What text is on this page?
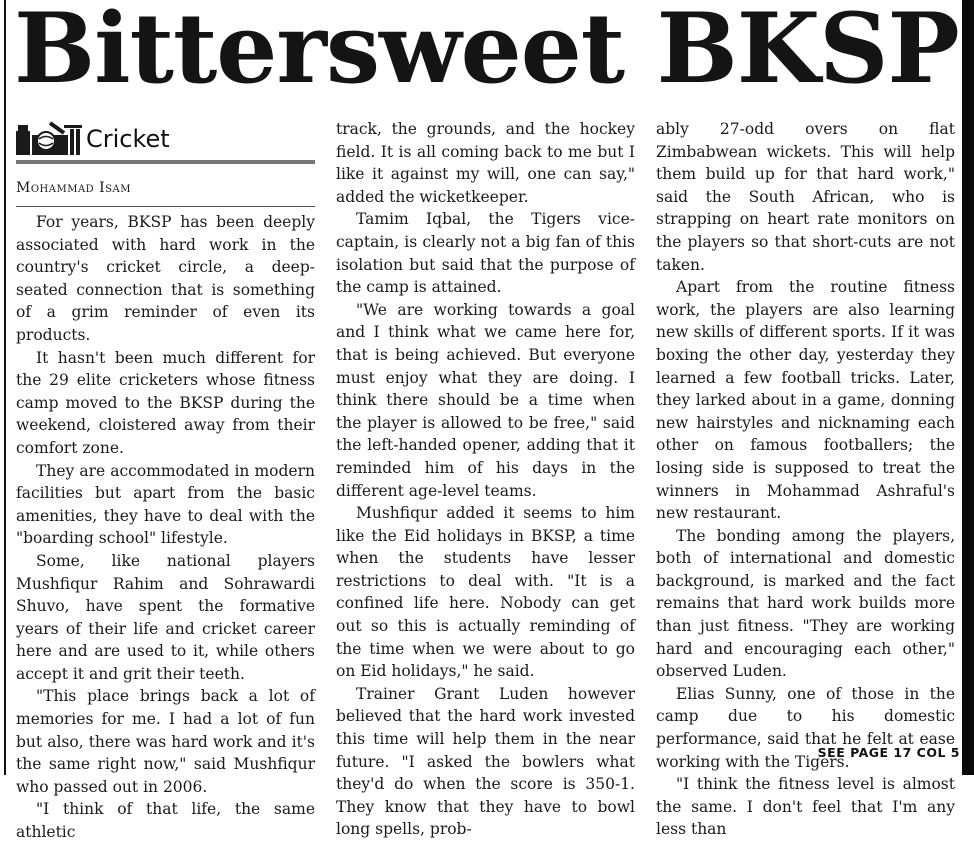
Bittersweet BKSP
Cricket
Mohammad Isam

For years, BKSP has been deeply associated with hard work in the country's cricket circle, a deep-seated connection that is something of a grim reminder of even its products.

It hasn't been much different for the 29 elite cricketers whose fitness camp moved to the BKSP during the weekend, cloistered away from their comfort zone.

They are accommodated in modern facilities but apart from the basic amenities, they have to deal with the "boarding school" lifestyle.

Some, like national players Mushfiqur Rahim and Sohrawardi Shuvo, have spent the formative years of their life and cricket career here and are used to it, while others accept it and grit their teeth.

"This place brings back a lot of memories for me. I had a lot of fun but also, there was hard work and it's the same right now," said Mushfiqur who passed out in 2006.

"I think of that life, the same athletic

track, the grounds, and the hockey field. It is all coming back to me but I like it against my will, one can say," added the wicketkeeper.

Tamim Iqbal, the Tigers vice-captain, is clearly not a big fan of this isolation but said that the purpose of the camp is attained.

"We are working towards a goal and I think what we came here for, that is being achieved. But everyone must enjoy what they are doing. I think there should be a time when the player is allowed to be free," said the left-handed opener, adding that it reminded him of his days in the different age-level teams.

Mushfiqur added it seems to him like the Eid holidays in BKSP, a time when the students have lesser restrictions to deal with. "It is a confined life here. Nobody can get out so this is actually reminding of the time when we were about to go on Eid holidays," he said.

Trainer Grant Luden however believed that the hard work invested this time will help them in the near future. "I asked the bowlers what they'd do when the score is 350-1. They know that they have to bowl long spells, prob-

ably 27-odd overs on flat Zimbabwean wickets. This will help them build up for that hard work," said the South African, who is strapping on heart rate monitors on the players so that short-cuts are not taken.

Apart from the routine fitness work, the players are also learning new skills of different sports. If it was boxing the other day, yesterday they learned a few football tricks. Later, they larked about in a game, donning new hairstyles and nicknaming each other on famous footballers; the losing side is supposed to treat the winners in Mohammad Ashraful's new restaurant.

The bonding among the players, both of international and domestic background, is marked and the fact remains that hard work builds more than just fitness. "They are working hard and encouraging each other," observed Luden.

Elias Sunny, one of those in the camp due to his domestic performance, said that he felt at ease working with the Tigers.

"I think the fitness level is almost the same. I don't feel that I'm any less than

SEE PAGE 17 COL 5
